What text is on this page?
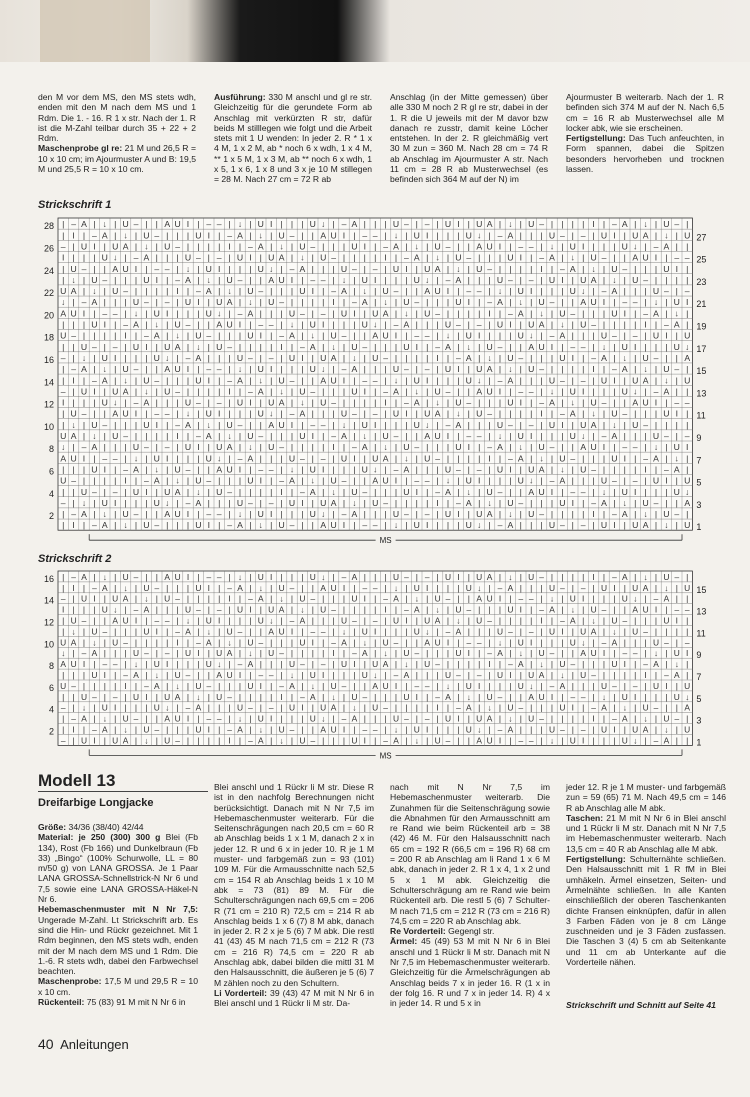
den M vor dem MS, den MS stets wdh, enden mit den M nach dem MS und 1 Rdm. Die 1. - 16. R 1 x str. Nach der 1. R ist die M-Zahl teilbar durch 35 + 22 + 2 Rdm.
Maschenprobe gl re: 21 M und 26,5 R = 10 x 10 cm; im Ajourmuster A und B: 19,5 M und 25,5 R = 10 x 10 cm.
Ausführung: 330 M anschl und gl re str. Gleichzeitig für die gerundete Form ab Anschlag mit verkürzten R str, dafür beids M stilllegen wie folgt und die Arbeit stets mit 1 U wenden: In jeder 2. R * 1 x 4 M, 1 x 2 M, ab * noch 6 x wdh, 1 x 4 M, ** 1 x 5 M, 1 x 3 M, ab ** noch 6 x wdh, 1 x 5, 1 x 6, 1 x 8 und 3 x je 10 M stillegen = 28 M. Nach 27 cm = 72 R ab
Anschlag (in der Mitte gemessen) über alle 330 M noch 2 R gl re str, dabei in der 1. R die U jeweils mit der M davor bzw danach re zusstr, damit keine Löcher entstehen. In der 2. R gleichmäßig vert 30 M zun = 360 M. Nach 28 cm = 74 R ab Anschlag im Ajourmuster A str. Nach 11 cm = 28 R ab Musterwechsel (es befinden sich 364 M auf der N) im
Ajourmuster B weiterarb. Nach der 1. R befinden sich 374 M auf der N. Nach 6,5 cm = 16 R ab Musterwechsel alle M locker abk, wie sie erscheinen.
Fertigstellung: Das Tuch anfeuchten, in Form spannen, dabei die Spitzen besonders hervorheben und trocknen lassen.
Strickschrift 1
Strickschrift 2
| – A | ↓ | U – | | A U I | – – | ↓ | U I | | | U ↓ | – A | | | U – | – | U I | U A | ↓ | U – | | | | I | – A | ↓ | U – |
| I | – A | ↓ | U – | | | U I | – A | ↓ | U – | | A U I | – – | ↓ | U I | | | U ↓ | – A | | | U – | – | U I | U A | ↓ | U
– | U I | U A | ↓ | U – | | | | I | – A | ↓ | U – | | | U I | – A | ↓ | U – | | A U I | – – | ↓ | U I | | | U ↓ | – A | |
I | | | U ↓ | – A | | | U – | – | U I | U A | ↓ | U – | | | | I | – A | ↓ | U – | | | U I | – A | ↓ | U – | | A U I | – –
| U – | | A U I | – – | ↓ | U I | | | U ↓ | – A | | | U – | – | U I | U A | ↓ | U – | | | | I | – A | ↓ | U – | | | U I |
| ↓ | U – | | | U I | – A | ↓ | U – | | A U I | – – | ↓ | U I | | | U ↓ | – A | | | U – | – | U I | U A | ↓ | U – | | | |
U A | ↓ | U – | | | | I | – A | ↓ | U – | | | U I | – A | ↓ | U – | | A U I | – – | ↓ | U I | | | U ↓ | – A | | | U – | –
↓ | – A | | | U – | – | U I | U A | ↓ | U – | | | | I | – A | ↓ | U – | | | U I | – A | ↓ | U – | | A U I | – – | ↓ | U I
A U I | – – | ↓ | U I | | | U ↓ | – A | | | U – | – | U I | U A | ↓ | U – | | | | I | – A | ↓ | U – | | | U I | – A | ↓ |
| | | U I | – A | ↓ | U – | | A U I | – – | ↓ | U I | | | U ↓ | – A | | | U – | – | U I | U A | ↓ | U – | | | | I | – A |
U – | | | | I | – A | ↓ | U – | | | U I | – A | ↓ | U – | | A U I | – – | ↓ | U I | | | U ↓ | – A | | | U – | – | U I | U
| | U – | – | U I | U A | ↓ | U – | | | | I | – A | ↓ | U – | | | U I | – A | ↓ | U – | | A U I | – – | ↓ | U I | | | U ↓
– | ↓ | U I | | | U ↓ | – A | | | U – | – | U I | U A | ↓ | U – | | | | I | – A | ↓ | U – | | | U I | – A | ↓ | U – | | A
| – A | ↓ | U – | | A U I | – – | ↓ | U I | | | U ↓ | – A | | | U – | – | U I | U A | ↓ | U – | | | | I | – A | ↓ | U – |
| I | – A | ↓ | U – | | | U I | – A | ↓ | U – | | A U I | – – | ↓ | U I | | | U ↓ | – A | | | U – | – | U I | U A | ↓ | U
– | U I | U A | ↓ | U – | | | | I | – A | ↓ | U – | | | U I | – A | ↓ | U – | | A U I | – – | ↓ | U I | | | U ↓ | – A | |
I | | | U ↓ | – A | | | U – | – | U I | U A | ↓ | U – | | | | I | – A | ↓ | U – | | | U I | – A | ↓ | U – | | A U I | – –
| U – | | A U I | – – | ↓ | U I | | | U ↓ | – A | | | U – | – | U I | U A | ↓ | U – | | | | I | – A | ↓ | U – | | | U I |
| ↓ | U – | | | U I | – A | ↓ | U – | | A U I | – – | ↓ | U I | | | U ↓ | – A | | | U – | – | U I | U A | ↓ | U – | | | |
U A | ↓ | U – | | | | I | – A | ↓ | U – | | | U I | – A | ↓ | U – | | A U I | – – | ↓ | U I | | | U ↓ | – A | | | U – | –
↓ | – A | | | U – | – | U I | U A | ↓ | U – | | | | I | – A | ↓ | U – | | | U I | – A | ↓ | U – | | A U I | – – | ↓ | U I
A U I | – – | ↓ | U I | | | U ↓ | – A | | | U – | – | U I | U A | ↓ | U – | | | | I | – A | ↓ | U – | | | U I | – A | ↓ |
| | | U I | – A | ↓ | U – | | A U I | – – | ↓ | U I | | | U ↓ | – A | | | U – | – | U I | U A | ↓ | U – | | | | I | – A |
U – | | | | I | – A | ↓ | U – | | | U I | – A | ↓ | U – | | A U I | – – | ↓ | U I | | | U ↓ | – A | | | U – | – | U I | U
| | U – | – | U I | U A | ↓ | U – | | | | I | – A | ↓ | U – | | | U I | – A | ↓ | U – | | A U I | – – | ↓ | U I | | | U ↓
– | ↓ | U I | | | U ↓ | – A | | | U – | – | U I | U A | ↓ | U – | | | | I | – A | ↓ | U – | | | U I | – A | ↓ | U – | | A
| – A | ↓ | U – | | A U I | – – | ↓ | U I | | | U ↓ | – A | | | U – | – | U I | U A | ↓ | U – | | | | I | – A | ↓ | U – |
| I | – A | ↓ | U – | | | U I | – A | ↓ | U – | | A U I | – – | ↓ | U I | | | U ↓ | – A | | | U – | – | U I | U A | ↓ | U
28
26
24
22
20
18
16
14
12
10
8
6
4
2
27
25
23
21
19
17
15
13
11
9
7
5
3
1
MS
| – A | ↓ | U – | | A U I | – – | ↓ | U I | | | U ↓ | – A | | | U – | – | U I | U A | ↓ | U – | | | | I | – A | ↓ | U – |
| I | – A | ↓ | U – | | | U I | – A | ↓ | U – | | A U I | – – | ↓ | U I | | | U ↓ | – A | | | U – | – | U I | U A | ↓ | U
– | U I | U A | ↓ | U – | | | | I | – A | ↓ | U – | | | U I | – A | ↓ | U – | | A U I | – – | ↓ | U I | | | U ↓ | – A | |
I | | | U ↓ | – A | | | U – | – | U I | U A | ↓ | U – | | | | I | – A | ↓ | U – | | | U I | – A | ↓ | U – | | A U I | – –
| U – | | A U I | – – | ↓ | U I | | | U ↓ | – A | | | U – | – | U I | U A | ↓ | U – | | | | I | – A | ↓ | U – | | | U I |
| ↓ | U – | | | U I | – A | ↓ | U – | | A U I | – – | ↓ | U I | | | U ↓ | – A | | | U – | – | U I | U A | ↓ | U – | | | |
U A | ↓ | U – | | | | I | – A | ↓ | U – | | | U I | – A | ↓ | U – | | A U I | – – | ↓ | U I | | | U ↓ | – A | | | U – | –
↓ | – A | | | U – | – | U I | U A | ↓ | U – | | | | I | – A | ↓ | U – | | | U I | – A | ↓ | U – | | A U I | – – | ↓ | U I
A U I | – – | ↓ | U I | | | U ↓ | – A | | | U – | – | U I | U A | ↓ | U – | | | | I | – A | ↓ | U – | | | U I | – A | ↓ |
| | | U I | – A | ↓ | U – | | A U I | – – | ↓ | U I | | | U ↓ | – A | | | U – | – | U I | U A | ↓ | U – | | | | I | – A |
U – | | | | I | – A | ↓ | U – | | | U I | – A | ↓ | U – | | A U I | – – | ↓ | U I | | | U ↓ | – A | | | U – | – | U I | U
| | U – | – | U I | U A | ↓ | U – | | | | I | – A | ↓ | U – | | | U I | – A | ↓ | U – | | A U I | – – | ↓ | U I | | | U ↓
– | ↓ | U I | | | U ↓ | – A | | | U – | – | U I | U A | ↓ | U – | | | | I | – A | ↓ | U – | | | U I | – A | ↓ | U – | | A
| – A | ↓ | U – | | A U I | – – | ↓ | U I | | | U ↓ | – A | | | U – | – | U I | U A | ↓ | U – | | | | I | – A | ↓ | U – |
| I | – A | ↓ | U – | | | U I | – A | ↓ | U – | | A U I | – – | ↓ | U I | | | U ↓ | – A | | | U – | – | U I | U A | ↓ | U
– | U I | U A | ↓ | U – | | | | I | – A | ↓ | U – | | | U I | – A | ↓ | U – | | A U I | – – | ↓ | U I | | | U ↓ | – A | |
16
14
12
10
8
6
4
2
15
13
11
9
7
5
3
1
MS
Modell 13
Dreifarbige Longjacke
Größe: 34/36 (38/40) 42/44
Material: je 250 (300) 300 g Blei (Fb 134), Rost (Fb 166) und Dunkelbraun (Fb 33) „Bingo“ (100% Schurwolle, LL = 80 m/50 g) von LANA GROSSA. Je 1 Paar LANA GROSSA-Schnellstrick-N Nr 6 und 7,5 sowie eine LANA GROSSA-Häkel-N Nr 6.
Hebemaschenmuster mit N Nr 7,5: Ungerade M-Zahl. Lt Strickschrift arb. Es sind die Hin- und Rückr gezeichnet. Mit 1 Rdm beginnen, den MS stets wdh, enden mit der M nach dem MS und 1 Rdm. Die 1.-6. R stets wdh, dabei den Farbwechsel beachten.
Maschenprobe: 17,5 M und 29,5 R = 10 x 10 cm.
Rückenteil: 75 (83) 91 M mit N Nr 6 in
Blei anschl und 1 Rückr li M str. Diese R ist in den nachfolg Berechnungen nicht berücksichtigt. Danach mit N Nr 7,5 im Hebemaschenmuster weiterarb. Für die Seitenschrägungen nach 20,5 cm = 60 R ab Anschlag beids 1 x 1 M, danach 2 x in jeder 12. R und 6 x in jeder 10. R je 1 M muster- und farbgemäß zun = 93 (101) 109 M. Für die Armausschnitte nach 52,5 cm = 154 R ab Anschlag beids 1 x 10 M abk = 73 (81) 89 M. Für die Schulterschrägungen nach 69,5 cm = 206 R (71 cm = 210 R) 72,5 cm = 214 R ab Anschlag beids 1 x 6 (7) 8 M abk, danach in jeder 2. R 2 x je 5 (6) 7 M abk. Die restl 41 (43) 45 M nach 71,5 cm = 212 R (73 cm = 216 R) 74,5 cm = 220 R ab Anschlag abk, dabei bilden die mittl 31 M den Halsausschnitt, die äußeren je 5 (6) 7 M zählen noch zu den Schultern.
Li Vorderteil: 39 (43) 47 M mit N Nr 6 in Blei anschl und 1 Rückr li M str. Da-
nach mit N Nr 7,5 im Hebemaschenmuster weiterarb. Die Zunahmen für die Seitenschrägung sowie die Abnahmen für den Armausschnitt am re Rand wie beim Rückenteil arb = 38 (42) 46 M. Für den Halsausschnitt nach 65 cm = 192 R (66,5 cm = 196 R) 68 cm = 200 R ab Anschlag am li Rand 1 x 6 M abk, danach in jeder 2. R 1 x 4, 1 x 2 und 5 x 1 M abk. Gleichzeitig die Schulterschrägung am re Rand wie beim Rückenteil arb. Die restl 5 (6) 7 Schulter-M nach 71,5 cm = 212 R (73 cm = 216 R) 74,5 cm = 220 R ab Anschlag abk.
Re Vorderteil: Gegengl str.
Ärmel: 45 (49) 53 M mit N Nr 6 in Blei anschl und 1 Rückr li M str. Danach mit N Nr 7,5 im Hebemaschenmuster weiterarb. Gleichzeitig für die Ärmelschrägungen ab Anschlag beids 7 x in jeder 16. R (1 x in der folg 16. R und 7 x in jeder 14. R) 4 x in jeder 14. R und 5 x in
jeder 12. R je 1 M muster- und farbgemäß zun = 59 (65) 71 M. Nach 49,5 cm = 146 R ab Anschlag alle M abk.
Taschen: 21 M mit N Nr 6 in Blei anschl und 1 Rückr li M str. Danach mit N Nr 7,5 im Hebemaschenmuster weiterarb. Nach 13,5 cm = 40 R ab Anschlag alle M abk.
Fertigstellung: Schulternähte schließen. Den Halsausschnitt mit 1 R fM in Blei umhäkeln. Ärmel einsetzen, Seiten- und Ärmelnähte schließen. In alle Kanten einschließlich der oberen Taschenkanten dichte Fransen einknüpfen, dafür in allen 3 Farben Fäden von je 8 cm Länge zuschneiden und je 3 Fäden zusfassen. Die Taschen 3 (4) 5 cm ab Seitenkante und 11 cm ab Unterkante auf die Vorderteile nähen.
Strickschrift und Schnitt auf Seite 41
40 Anleitungen
